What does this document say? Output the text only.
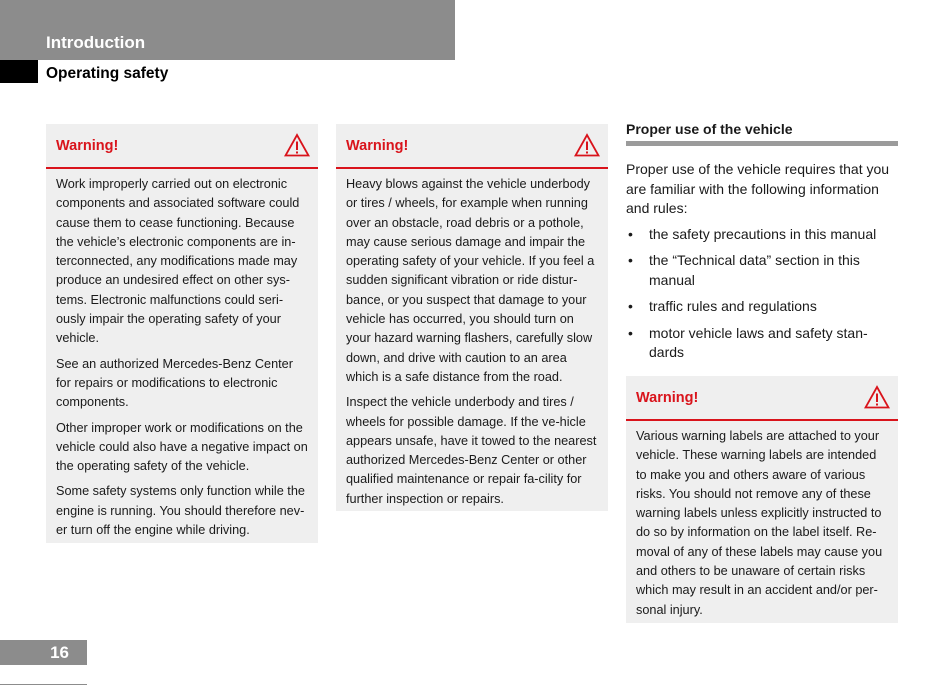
Introduction
Operating safety
Warning!

Work improperly carried out on electronic components and associated software could cause them to cease functioning. Because the vehicle’s electronic components are in-terconnected, any modifications made may produce an undesired effect on other sys-tems. Electronic malfunctions could seri-ously impair the operating safety of your vehicle.

See an authorized Mercedes-Benz Center for repairs or modifications to electronic components.

Other improper work or modifications on the vehicle could also have a negative impact on the operating safety of the vehicle.

Some safety systems only function while the engine is running. You should therefore nev-er turn off the engine while driving.

Warning!

Heavy blows against the vehicle underbody or tires / wheels, for example when running over an obstacle, road debris or a pothole, may cause serious damage and impair the operating safety of your vehicle. If you feel a sudden significant vibration or ride distur-bance, or you suspect that damage to your vehicle has occurred, you should turn on your hazard warning flashers, carefully slow down, and drive with caution to an area which is a safe distance from the road.

Inspect the vehicle underbody and tires / wheels for possible damage. If the ve-hicle appears unsafe, have it towed to the nearest authorized Mercedes-Benz Center or other qualified maintenance or repair fa-cility for further inspection or repairs.

Proper use of the vehicle
Proper use of the vehicle requires that you are familiar with the following information and rules:
• the safety precautions in this manual
• the “Technical data” section in this manual
• traffic rules and regulations
• motor vehicle laws and safety stan-dards
Warning!

Various warning labels are attached to your vehicle. These warning labels are intended to make you and others aware of various risks. You should not remove any of these warning labels unless explicitly instructed to do so by information on the label itself. Re-moval of any of these labels may cause you and others to be unaware of certain risks which may result in an accident and/or per-sonal injury.

16
